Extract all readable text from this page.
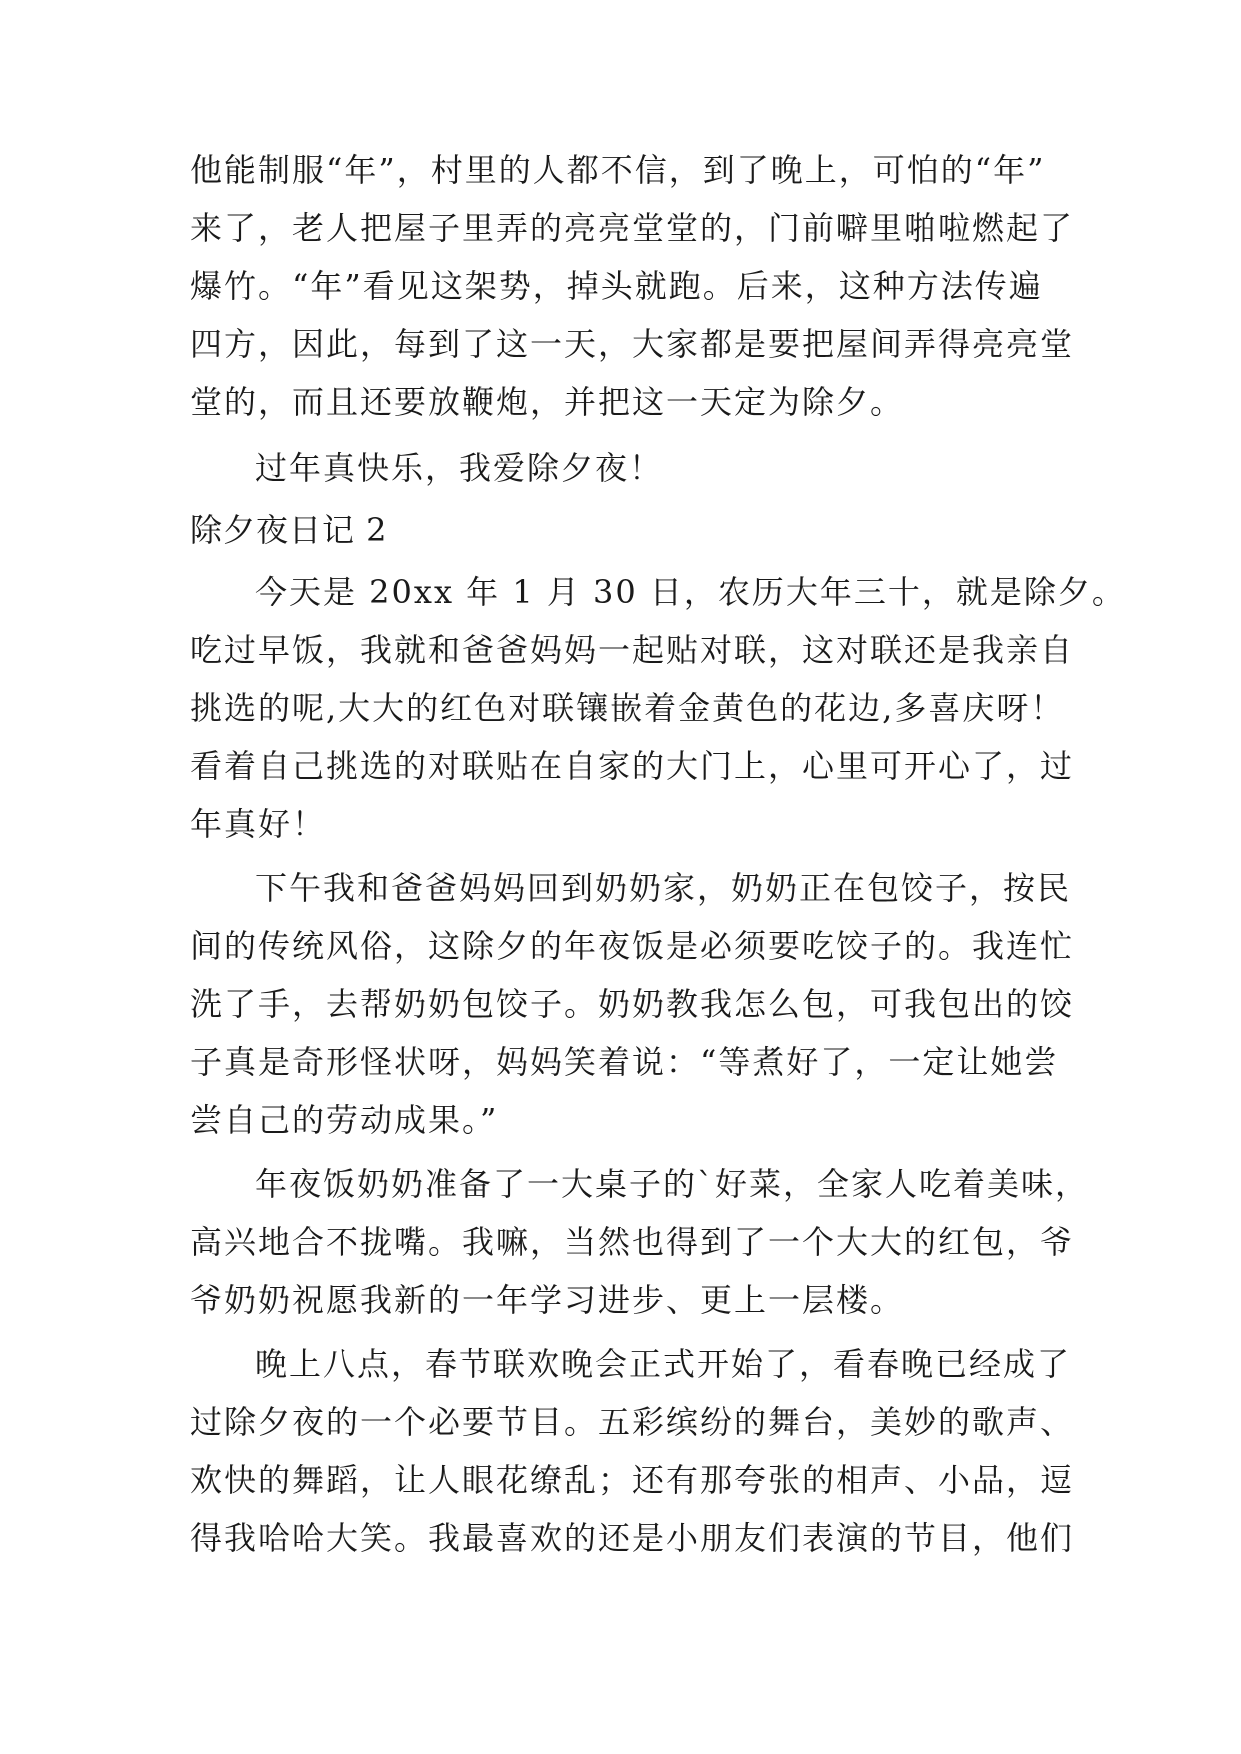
他能制服“年”，村里的人都不信，到了晚上，可怕的“年”
来了，老人把屋子里弄的亮亮堂堂的，门前噼里啪啦燃起了
爆竹。“年”看见这架势，掉头就跑。后来，这种方法传遍
四方，因此，每到了这一天，大家都是要把屋间弄得亮亮堂
堂的，而且还要放鞭炮，并把这一天定为除夕。
过年真快乐，我爱除夕夜！
除夕夜日记 2
今天是 20xx 年 1 月 30 日，农历大年三十，就是除夕。
吃过早饭，我就和爸爸妈妈一起贴对联，这对联还是我亲自
挑选的呢,大大的红色对联镶嵌着金黄色的花边,多喜庆呀！
看着自己挑选的对联贴在自家的大门上，心里可开心了，过
年真好！
下午我和爸爸妈妈回到奶奶家，奶奶正在包饺子，按民
间的传统风俗，这除夕的年夜饭是必须要吃饺子的。我连忙
洗了手，去帮奶奶包饺子。奶奶教我怎么包，可我包出的饺
子真是奇形怪状呀，妈妈笑着说：“等煮好了，一定让她尝
尝自己的劳动成果。”
年夜饭奶奶准备了一大桌子的`好菜，全家人吃着美味，
高兴地合不拢嘴。我嘛，当然也得到了一个大大的红包，爷
爷奶奶祝愿我新的一年学习进步、更上一层楼。
晚上八点，春节联欢晚会正式开始了，看春晚已经成了
过除夕夜的一个必要节目。五彩缤纷的舞台，美妙的歌声、
欢快的舞蹈，让人眼花缭乱；还有那夸张的相声、小品，逗
得我哈哈大笑。我最喜欢的还是小朋友们表演的节目，他们
